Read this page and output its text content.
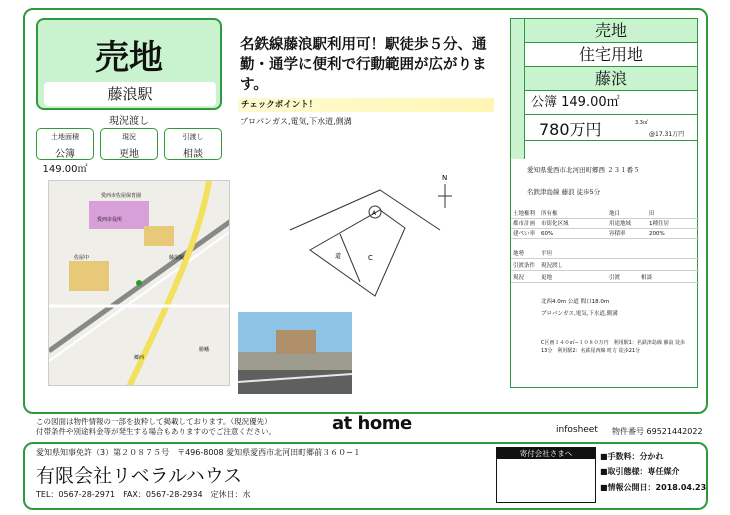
売地
藤浪駅
現況渡し
土地面積
公簿 149.00㎡
現況
更地
引渡し
相談
名鉄線藤浪駅利用可！駅徒歩５分、通勤・通学に便利で行動範囲が広がります。
チェックポイント！
プロパンガス,電気,下水道,側溝
愛西市佐屋保育園
愛西市役所
藤浪駅
佐屋中
勝幡
郷西
A
C
道
N
売地
住宅用地
藤浪
公簿 149.00㎡
780万円	3.3㎡
@17.31万円
愛知県愛西市北河田町郷西 ２３１番５
名鉄津島線 藤浪 徒歩5分
土地権利 所有権	地目	田
都市計画 市街化区域	用途地域	1種住居
建ぺい率 60%	容積率	200%
地勢	平坦
引渡条件 現況渡し
現況	更地	引渡	相談
北西4.0m 公道 間口18.0m
プロパンガス,電気,下水道,側溝
C区画１４０㎡−１０８０万円　利用駅1：名鉄津島線 藤浪 徒歩13分　利用駅2：名鉄尾西線 町方 徒歩21分
この図面は物件情報の一部を抜粋して掲載しております。（現況優先）
付帯条件や別途料金等が発生する場合もありますのでご注意ください。	at home	infosheet 物件番号 69521442022
愛知県知事免許（3）第２０８７５号　〒496-8008 愛知県愛西市北河田町郷前３６０−１
有限会社リベラルハウス
TEL：0567-28-2971　FAX：0567-28-2934　定休日：水
寄付会社さまへ	■手数料：分かれ
■取引態様：専任媒介
■情報公開日：2018.04.23
